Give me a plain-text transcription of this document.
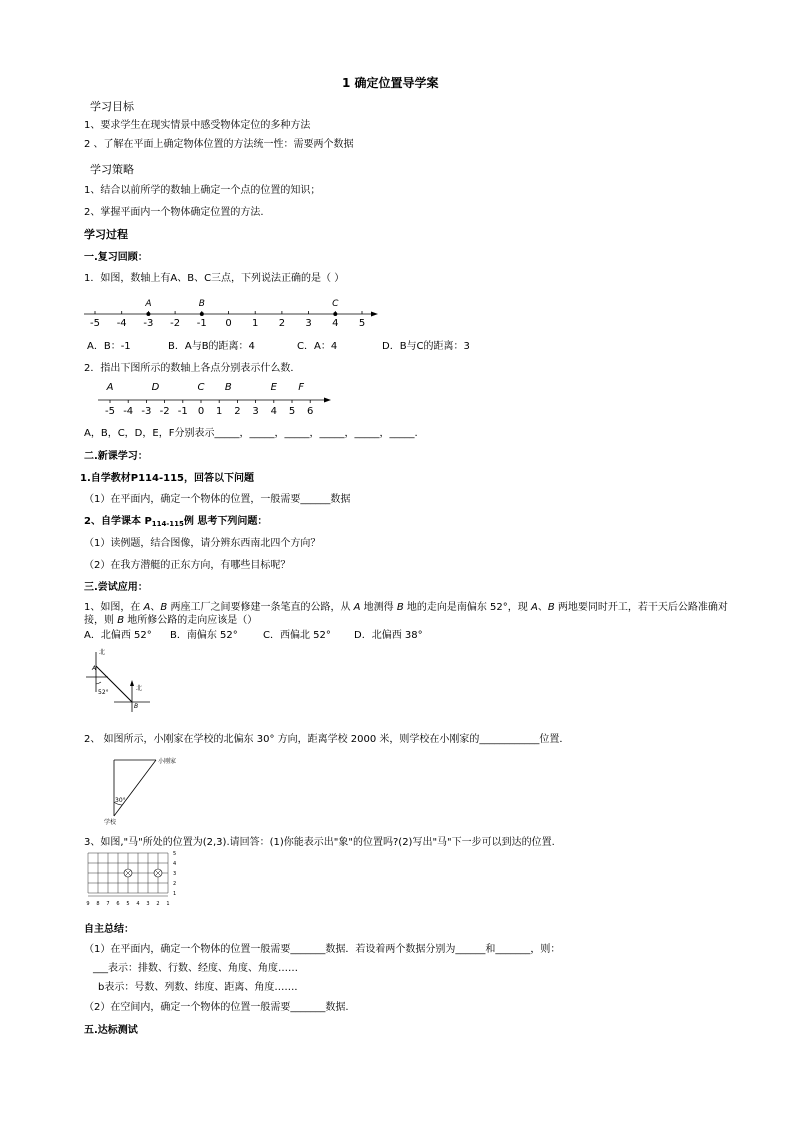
1 确定位置导学案
学习目标
1、要求学生在现实情景中感受物体定位的多种方法
2 、了解在平面上确定物体位置的方法统一性：需要两个数据
学习策略
1、结合以前所学的数轴上确定一个点的位置的知识；
2、掌握平面内一个物体确定位置的方法.
学习过程
一.复习回顾：
1．如图，数轴上有A、B、C三点，下列说法正确的是（ ）
-5 -4 -3 -2 -1 0 1 2 3 4 5
A	B	C
A．B：-1	B．A与B的距离：4	C．A：4	D．B与C的距离：3
2．指出下图所示的数轴上各点分别表示什么数．
-5 -4 -3 -2 -1 0 1 2 3 4 5 6
A	D	C B	E F
A，B，C，D，E，F分别表示_____，_____，_____，_____，_____，_____.
二.新课学习：
1.自学教材P114-115，回答以下问题
（1）在平面内，确定一个物体的位置，一般需要______数据
2、自学课本 $P_{114-115}$例 思考下列问题：
（1）读例题，结合图像，请分辨东西南北四个方向？
（2）在我方潜艇的正东方向，有哪些目标呢？
三.尝试应用：
1、如图，在 A、B 两座工厂之间要修建一条笔直的公路，从 A 地测得 B 地的走向是南偏东 52°，现 A、B 两地要同时开工，若干天后公路准确对
接，则 B 地所修公路的走向应该是（）
A．北偏西 52° B．南偏东 52°	C．西偏北 52° D．北偏西 38°
北
A
52°
北
B
2、 如图所示，小刚家在学校的北偏东 30° 方向，距离学校 2000 米，则学校在小刚家的____________位置．
小刚家
30°
学校
3、如图,"马"所处的位置为(2,3).请回答：(1)你能表示出"象"的位置吗?(2)写出"马"下一步可以到达的位置.
9 8 7 6 5 4 3 2 1
5
4
3
2
1
自主总结：
（1）在平面内，确定一个物体的位置一般需要_______数据．若设着两个数据分别为______和_______，则：
___表示：排数、行数、经度、角度、角度……
b表示：号数、列数、纬度、距离、角度……．
（2）在空间内，确定一个物体的位置一般需要_______数据.
五.达标测试
